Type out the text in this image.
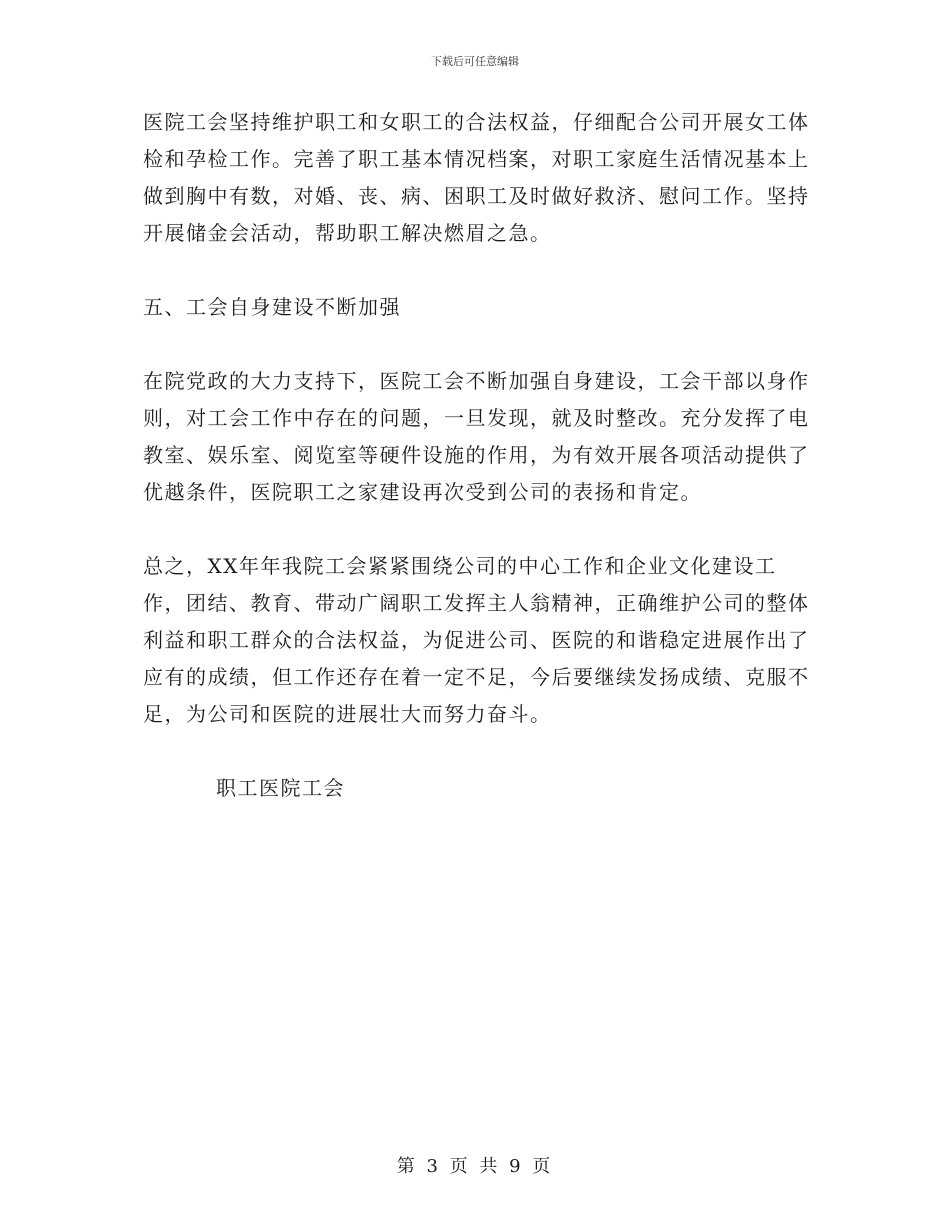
下载后可任意编辑

医院工会坚持维护职工和女职工的合法权益，仔细配合公司开展女工体检和孕检工作。完善了职工基本情况档案，对职工家庭生活情况基本上做到胸中有数，对婚、丧、病、困职工及时做好救济、慰问工作。坚持开展储金会活动，帮助职工解决燃眉之急。

五、工会自身建设不断加强

在院党政的大力支持下，医院工会不断加强自身建设，工会干部以身作则，对工会工作中存在的问题，一旦发现，就及时整改。充分发挥了电教室、娱乐室、阅览室等硬件设施的作用，为有效开展各项活动提供了优越条件，医院职工之家建设再次受到公司的表扬和肯定。

总之，XX年年我院工会紧紧围绕公司的中心工作和企业文化建设工作，团结、教育、带动广阔职工发挥主人翁精神，正确维护公司的整体利益和职工群众的合法权益，为促进公司、医院的和谐稳定进展作出了应有的成绩，但工作还存在着一定不足，今后要继续发扬成绩、克服不足，为公司和医院的进展壮大而努力奋斗。

职工医院工会

第 3 页 共 9 页
